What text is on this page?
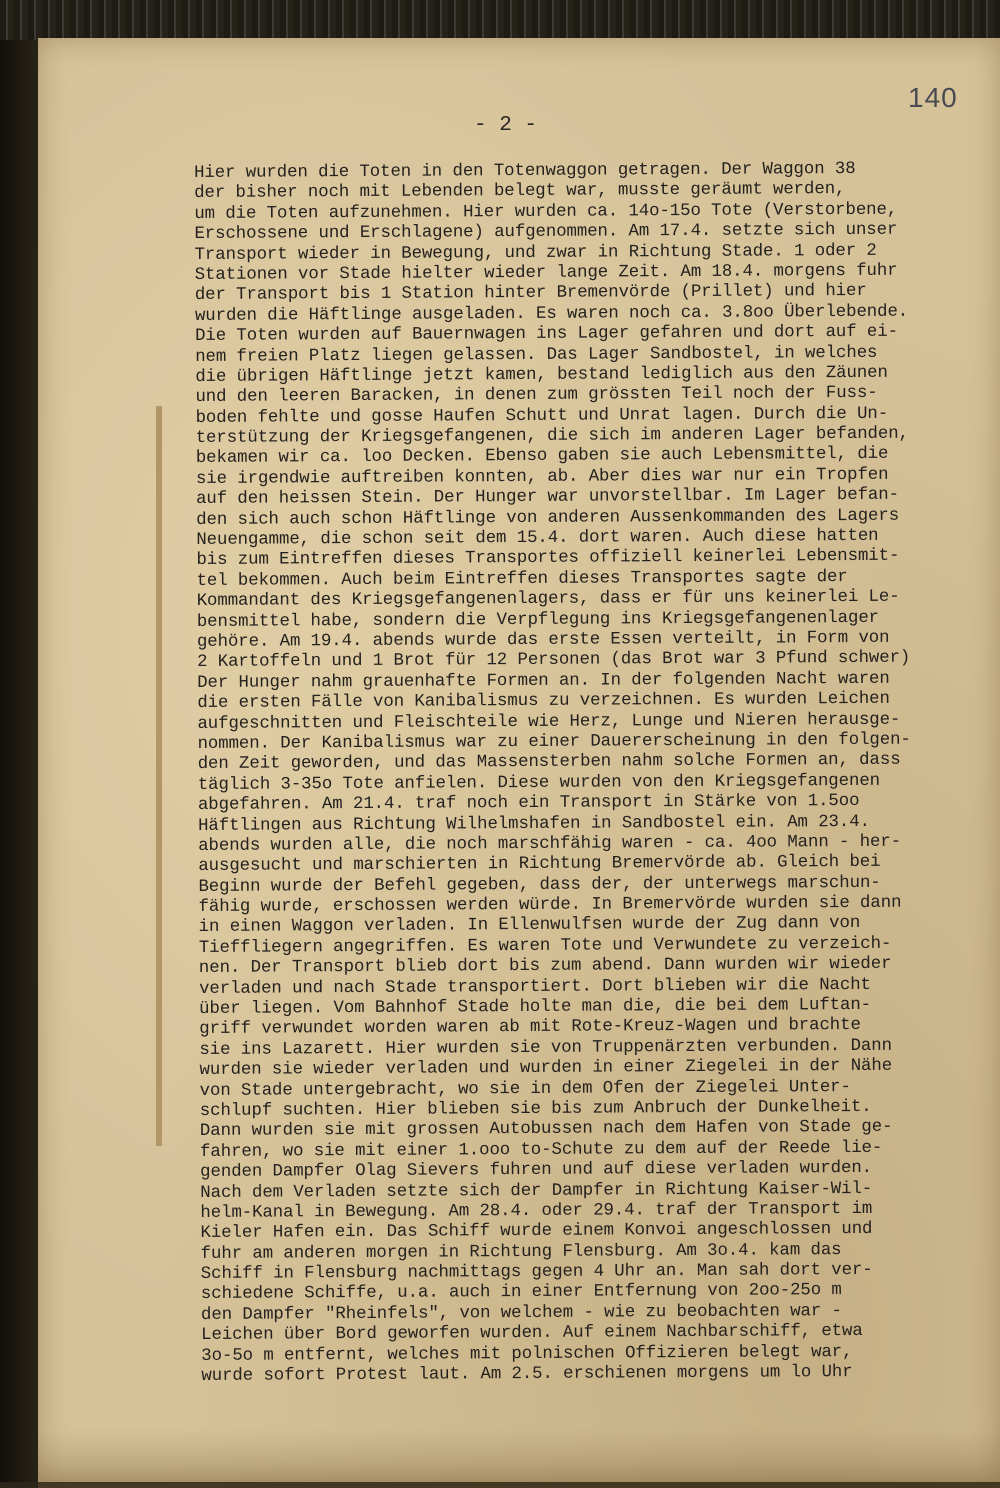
140
- 2 -
Hier wurden die Toten in den Totenwaggon getragen. Der Waggon 38
der bisher noch mit Lebenden belegt war, musste geräumt werden,
um die Toten aufzunehmen. Hier wurden ca. 14o-15o Tote (Verstorbene,
Erschossene und Erschlagene) aufgenommen. Am 17.4. setzte sich unser
Transport wieder in Bewegung, und zwar in Richtung Stade. 1 oder 2
Stationen vor Stade hielter wieder lange Zeit. Am 18.4. morgens fuhr
der Transport bis 1 Station hinter Bremenvörde (Prillet) und hier
wurden die Häftlinge ausgeladen. Es waren noch ca. 3.8oo Überlebende.
Die Toten wurden auf Bauernwagen ins Lager gefahren und dort auf ei-
nem freien Platz liegen gelassen. Das Lager Sandbostel, in welches
die übrigen Häftlinge jetzt kamen, bestand lediglich aus den Zäunen
und den leeren Baracken, in denen zum grössten Teil noch der Fuss-
boden fehlte und gosse Haufen Schutt und Unrat lagen. Durch die Un-
terstützung der Kriegsgefangenen, die sich im anderen Lager befanden,
bekamen wir ca. loo Decken. Ebenso gaben sie auch Lebensmittel, die
sie irgendwie auftreiben konnten, ab. Aber dies war nur ein Tropfen
auf den heissen Stein. Der Hunger war unvorstellbar. Im Lager befan-
den sich auch schon Häftlinge von anderen Aussenkommanden des Lagers
Neuengamme, die schon seit dem 15.4. dort waren. Auch diese hatten
bis zum Eintreffen dieses Transportes offiziell keinerlei Lebensmit-
tel bekommen. Auch beim Eintreffen dieses Transportes sagte der
Kommandant des Kriegsgefangenenlagers, dass er für uns keinerlei Le-
bensmittel habe, sondern die Verpflegung ins Kriegsgefangenenlager
gehöre. Am 19.4. abends wurde das erste Essen verteilt, in Form von
2 Kartoffeln und 1 Brot für 12 Personen (das Brot war 3 Pfund schwer)
Der Hunger nahm grauenhafte Formen an. In der folgenden Nacht waren
die ersten Fälle von Kanibalismus zu verzeichnen. Es wurden Leichen
aufgeschnitten und Fleischteile wie Herz, Lunge und Nieren herausge-
nommen. Der Kanibalismus war zu einer Dauererscheinung in den folgen-
den Zeit geworden, und das Massensterben nahm solche Formen an, dass
täglich 3-35o Tote anfielen. Diese wurden von den Kriegsgefangenen
abgefahren. Am 21.4. traf noch ein Transport in Stärke von 1.5oo
Häftlingen aus Richtung Wilhelmshafen in Sandbostel ein. Am 23.4.
abends wurden alle, die noch marschfähig waren - ca. 4oo Mann - her-
ausgesucht und marschierten in Richtung Bremervörde ab. Gleich bei
Beginn wurde der Befehl gegeben, dass der, der unterwegs marschun-
fähig wurde, erschossen werden würde. In Bremervörde wurden sie dann
in einen Waggon verladen. In Ellenwulfsen wurde der Zug dann von
Tieffliegern angegriffen. Es waren Tote und Verwundete zu verzeich-
nen. Der Transport blieb dort bis zum abend. Dann wurden wir wieder
verladen und nach Stade transportiert. Dort blieben wir die Nacht
über liegen. Vom Bahnhof Stade holte man die, die bei dem Luftan-
griff verwundet worden waren ab mit Rote-Kreuz-Wagen und brachte
sie ins Lazarett. Hier wurden sie von Truppenärzten verbunden. Dann
wurden sie wieder verladen und wurden in einer Ziegelei in der Nähe
von Stade untergebracht, wo sie in dem Ofen der Ziegelei Unter-
schlupf suchten. Hier blieben sie bis zum Anbruch der Dunkelheit.
Dann wurden sie mit grossen Autobussen nach dem Hafen von Stade ge-
fahren, wo sie mit einer 1.ooo to-Schute zu dem auf der Reede lie-
genden Dampfer Olag Sievers fuhren und auf diese verladen wurden.
Nach dem Verladen setzte sich der Dampfer in Richtung Kaiser-Wil-
helm-Kanal in Bewegung. Am 28.4. oder 29.4. traf der Transport im
Kieler Hafen ein. Das Schiff wurde einem Konvoi angeschlossen und
fuhr am anderen morgen in Richtung Flensburg. Am 3o.4. kam das
Schiff in Flensburg nachmittags gegen 4 Uhr an. Man sah dort ver-
schiedene Schiffe, u.a. auch in einer Entfernung von 2oo-25o m
den Dampfer "Rheinfels", von welchem - wie zu beobachten war -
Leichen über Bord geworfen wurden. Auf einem Nachbarschiff, etwa
3o-5o m entfernt, welches mit polnischen Offizieren belegt war,
wurde sofort Protest laut. Am 2.5. erschienen morgens um lo Uhr
